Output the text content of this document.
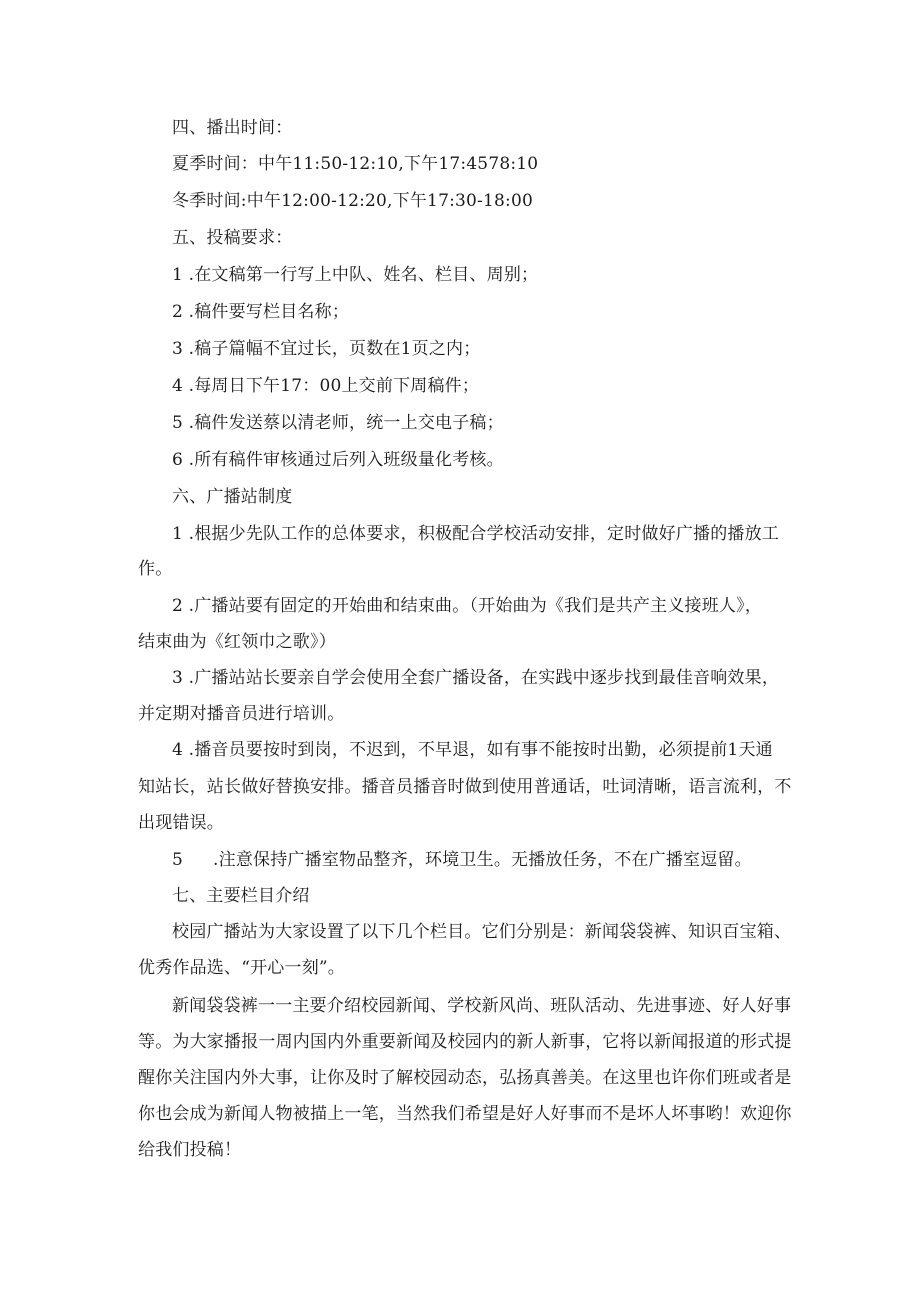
四、播出时间：

夏季时间：中午11:50-12:10,下午17:4578:10

冬季时间:中午12:00-12:20,下午17:30-18:00

五、投稿要求：

1 .在文稿第一行写上中队、姓名、栏目、周别；

2 .稿件要写栏目名称；

3 .稿子篇幅不宜过长，页数在1页之内；

4 .每周日下午17：00上交前下周稿件；

5 .稿件发送蔡以清老师，统一上交电子稿；

6 .所有稿件审核通过后列入班级量化考核。

六、广播站制度

1 .根据少先队工作的总体要求，积极配合学校活动安排，定时做好广播的播放工

作。

2 .广播站要有固定的开始曲和结束曲。（开始曲为《我们是共产主义接班人》，

结束曲为《红领巾之歌》）

3 .广播站站长要亲自学会使用全套广播设备，在实践中逐步找到最佳音响效果，

并定期对播音员进行培训。

4 .播音员要按时到岗，不迟到，不早退，如有事不能按时出勤，必须提前1天通

知站长，站长做好替换安排。播音员播音时做到使用普通话，吐词清晰，语言流利，不

出现错误。

5 .注意保持广播室物品整齐，环境卫生。无播放任务，不在广播室逗留。

七、主要栏目介绍

校园广播站为大家设置了以下几个栏目。它们分别是：新闻袋袋裤、知识百宝箱、

优秀作品选、“开心一刻”。

新闻袋袋裤一一主要介绍校园新闻、学校新风尚、班队活动、先进事迹、好人好事

等。为大家播报一周内国内外重要新闻及校园内的新人新事，它将以新闻报道的形式提

醒你关注国内外大事，让你及时了解校园动态，弘扬真善美。在这里也许你们班或者是

你也会成为新闻人物被描上一笔，当然我们希望是好人好事而不是坏人坏事哟！欢迎你

给我们投稿！
